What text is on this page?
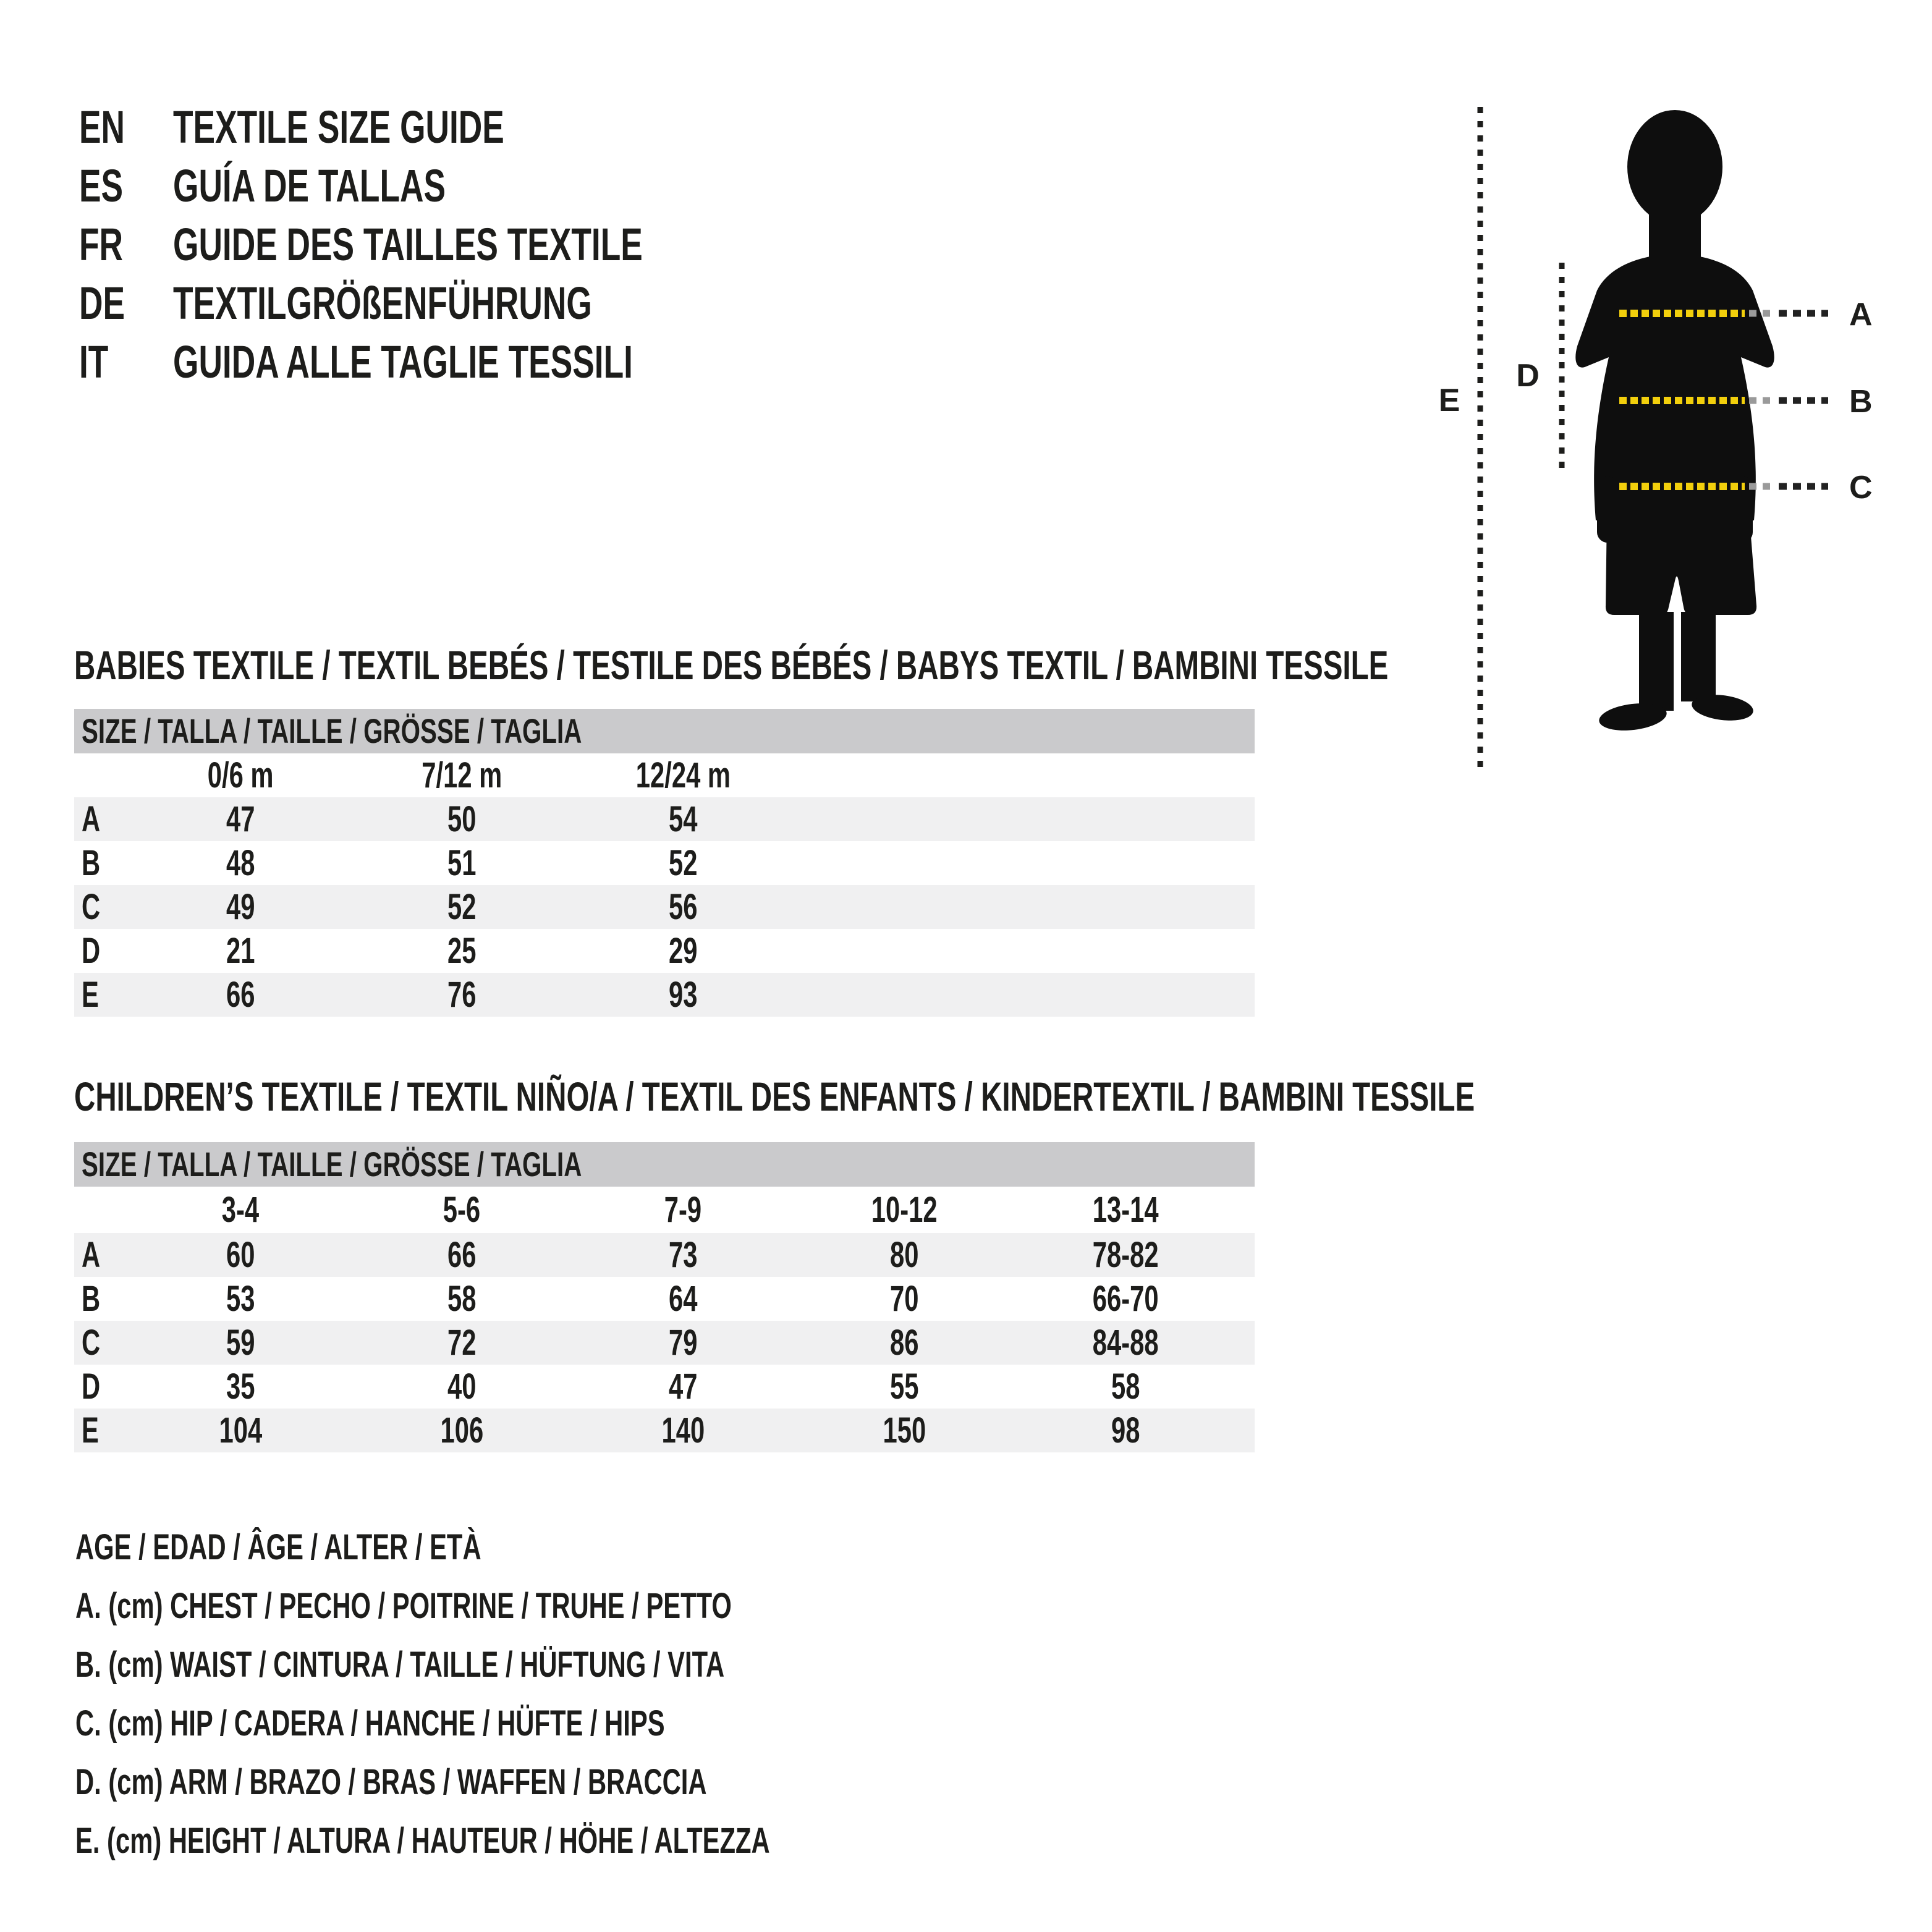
EN	TEXTILE SIZE GUIDE
ES	GUÍA DE TALLAS
FR	GUIDE DES TAILLES TEXTILE
DE	TEXTILGRÖßENFÜHRUNG
IT GUIDA ALLE TAGLIE TESSILI
E
D
A
B
C
BABIES TEXTILE / TEXTIL BEBÉS / TESTILE DES BÉBÉS / BABYS TEXTIL / BAMBINI TESSILE
SIZE / TALLA / TAILLE / GRÖSSE / TAGLIA
0/6 m	7/12 m	12/24 m
A	47	50	54
B	48	51	52
C	49	52	56
D	21	25	29
E	66	76	93
CHILDREN’S TEXTILE / TEXTIL NIÑO/A / TEXTIL DES ENFANTS / KINDERTEXTIL / BAMBINI TESSILE
SIZE / TALLA / TAILLE / GRÖSSE / TAGLIA
3-4	5-6	7-9	10-12	13-14
A	60	66	73	80	78-82
B	53	58	64	70	66-70
C	59	72	79	86	84-88
D	35	40	47	55	58
E	104	106	140	150	98
AGE / EDAD / ÂGE / ALTER / ETÀ
A. (cm) CHEST / PECHO / POITRINE / TRUHE / PETTO
B. (cm) WAIST / CINTURA / TAILLE / HÜFTUNG / VITA
C. (cm) HIP / CADERA / HANCHE / HÜFTE / HIPS
D. (cm) ARM / BRAZO / BRAS / WAFFEN / BRACCIA
E. (cm) HEIGHT / ALTURA / HAUTEUR / HÖHE / ALTEZZA
